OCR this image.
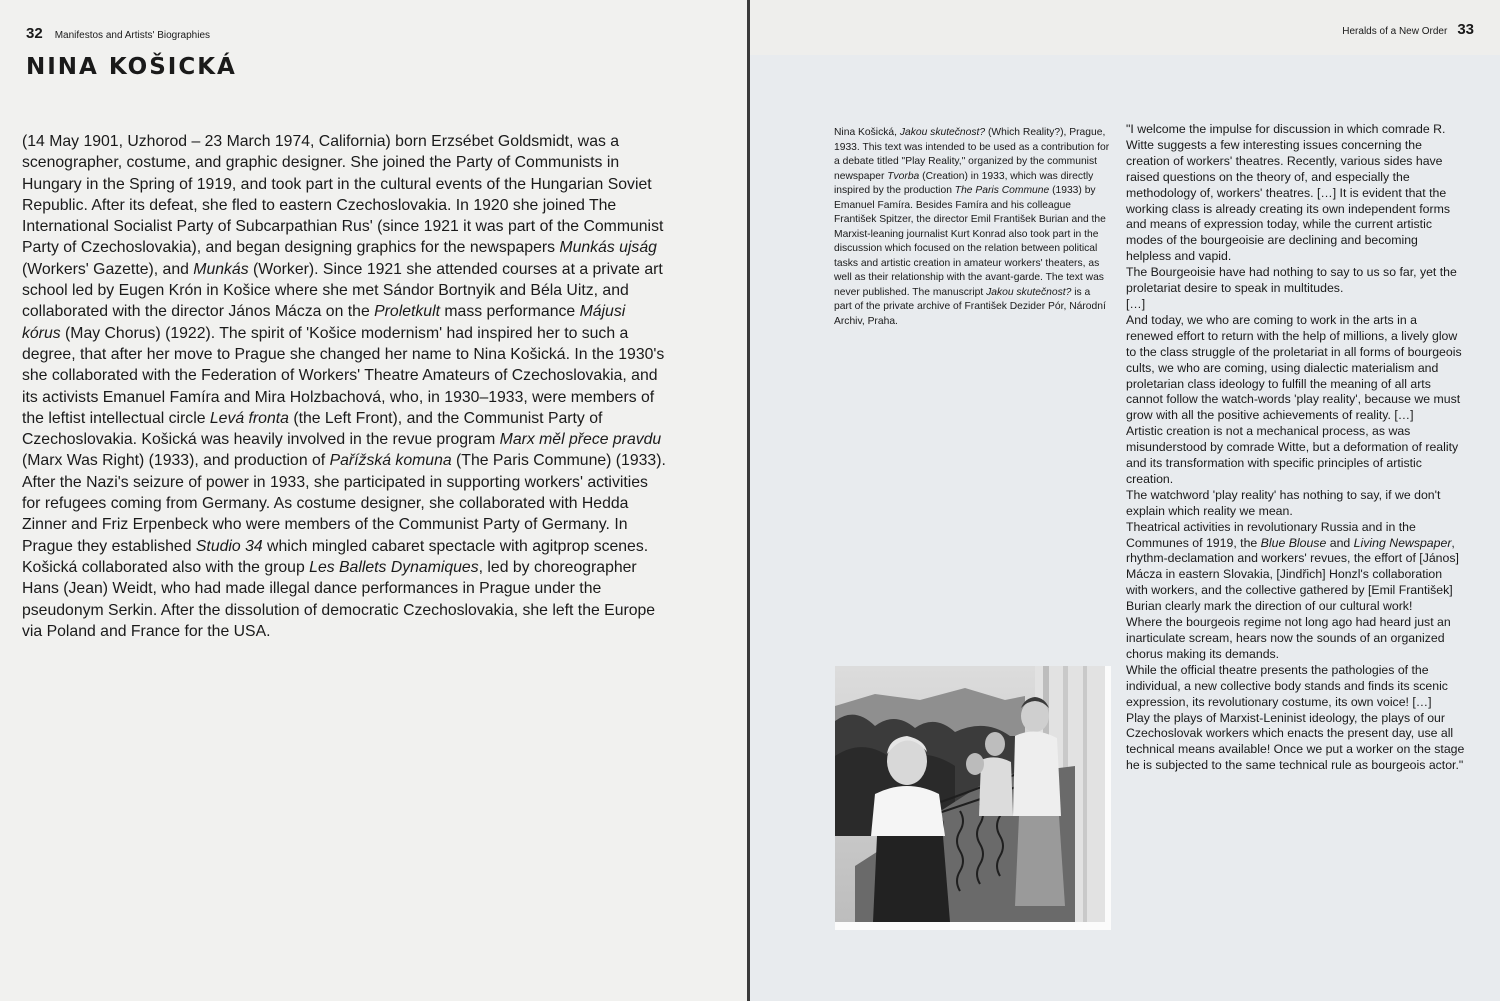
32 Manifestos and Artists' Biographies
NINA KOŠICKÁ

(14 May 1901, Uzhorod – 23 March 1974, California) born Erzsébet Goldsmidt, was a scenographer, costume, and graphic designer. She joined the Party of Communists in Hungary in the Spring of 1919, and took part in the cultural events of the Hungarian Soviet Republic. After its defeat, she fled to eastern Czechoslovakia. In 1920 she joined The International Socialist Party of Subcarpathian Rus' (since 1921 it was part of the Communist Party of Czechoslovakia), and began designing graphics for the newspapers Munkás ujság (Workers' Gazette), and Munkás (Worker). Since 1921 she attended courses at a private art school led by Eugen Krón in Košice where she met Sándor Bortnyik and Béla Uitz, and collaborated with the director János Mácza on the Proletkult mass performance Májusi kórus (May Chorus) (1922). The spirit of 'Košice modernism' had inspired her to such a degree, that after her move to Prague she changed her name to Nina Košická. In the 1930's she collaborated with the Federation of Workers' Theatre Amateurs of Czechoslovakia, and its activists Emanuel Famíra and Mira Holzbachová, who, in 1930–1933, were members of the leftist intellectual circle Levá fronta (the Left Front), and the Communist Party of Czechoslovakia. Košická was heavily involved in the revue program Marx měl přece pravdu (Marx Was Right) (1933), and production of Pařížská komuna (The Paris Commune) (1933). After the Nazi's seizure of power in 1933, she participated in supporting workers' activities for refugees coming from Germany. As costume designer, she collaborated with Hedda Zinner and Friz Erpenbeck who were members of the Communist Party of Germany. In Prague they established Studio 34 which mingled cabaret spectacle with agitprop scenes. Košická collaborated also with the group Les Ballets Dynamiques, led by choreographer Hans (Jean) Weidt, who had made illegal dance performances in Prague under the pseudonym Serkin. After the dissolution of democratic Czechoslovakia, she left the Europe via Poland and France for the USA.

Heralds of a New Order 33
Nina Košická, Jakou skutečnost? (Which Reality?), Prague, 1933. This text was intended to be used as a contribution for a debate titled "Play Reality," organized by the communist newspaper Tvorba (Creation) in 1933, which was directly inspired by the production The Paris Commune (1933) by Emanuel Famíra. Besides Famíra and his colleague František Spitzer, the director Emil František Burian and the Marxist-leaning journalist Kurt Konrad also took part in the discussion which focused on the relation between political tasks and artistic creation in amateur workers' theaters, as well as their relationship with the avant-garde. The text was never published. The manuscript Jakou skutečnost? is a part of the private archive of František Dezider Pór, Národní Archiv, Praha.

"I welcome the impulse for discussion in which comrade R. Witte suggests a few interesting issues concerning the creation of workers' theatres. Recently, various sides have raised questions on the theory of, and especially the methodology of, workers' theatres. […] It is evident that the working class is already creating its own independent forms and means of expression today, while the current artistic modes of the bourgeoisie are declining and becoming helpless and vapid.

The Bourgeoisie have had nothing to say to us so far, yet the proletariat desire to speak in multitudes.

[…]

And today, we who are coming to work in the arts in a renewed effort to return with the help of millions, a lively glow to the class struggle of the proletariat in all forms of bourgeois cults, we who are coming, using dialectic materialism and proletarian class ideology to fulfill the meaning of all arts cannot follow the watch-words 'play reality', because we must grow with all the positive achievements of reality. […]

Artistic creation is not a mechanical process, as was misunderstood by comrade Witte, but a deformation of reality and its transformation with specific principles of artistic creation.

The watchword 'play reality' has nothing to say, if we don't explain which reality we mean.

Theatrical activities in revolutionary Russia and in the Communes of 1919, the Blue Blouse and Living Newspaper, rhythm-declamation and workers' revues, the effort of [János] Mácza in eastern Slovakia, [Jindřich] Honzl's collaboration with workers, and the collective gathered by [Emil František] Burian clearly mark the direction of our cultural work!

Where the bourgeois regime not long ago had heard just an inarticulate scream, hears now the sounds of an organized chorus making its demands.

While the official theatre presents the pathologies of the individual, a new collective body stands and finds its scenic expression, its revolutionary costume, its own voice! […]

Play the plays of Marxist-Leninist ideology, the plays of our Czechoslovak workers which enacts the present day, use all technical means available! Once we put a worker on the stage he is subjected to the same technical rule as bourgeois actor."
